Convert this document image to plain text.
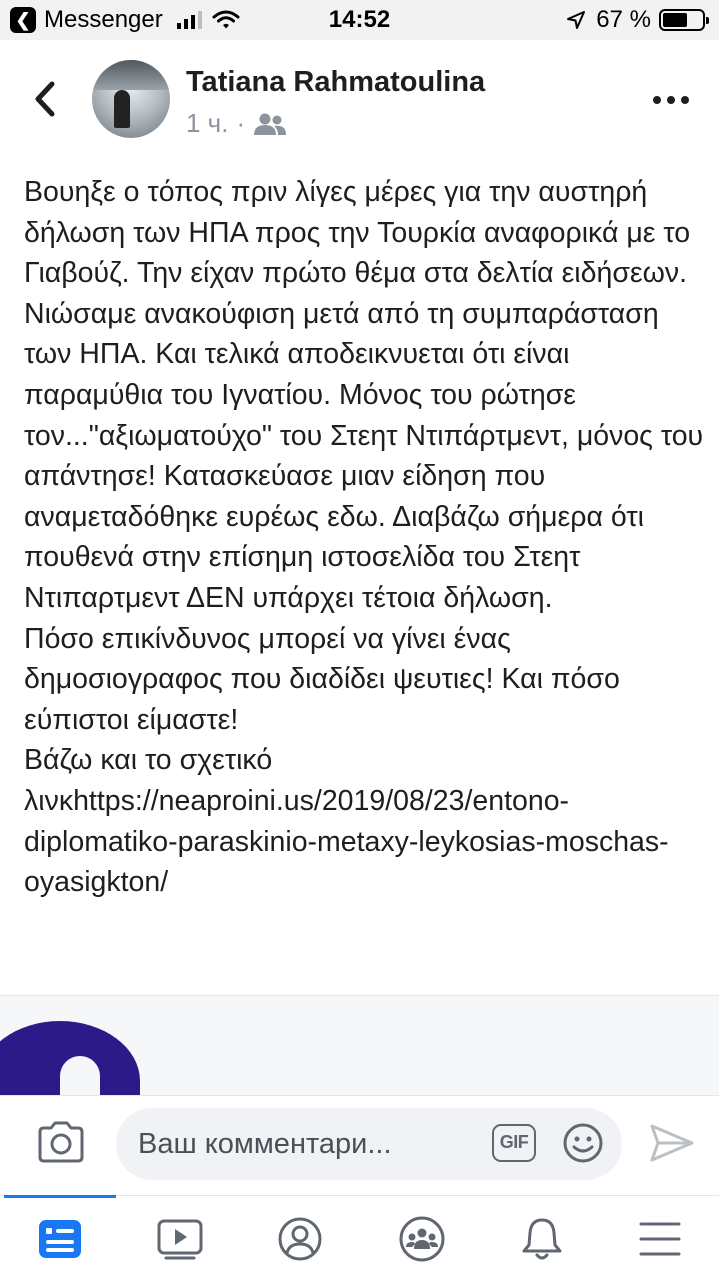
❮ Messenger	14:52	67 %
Tatiana Rahmatoulina
1 ч. ·

Βουηξε ο τόπος πριν λίγες μέρες για την αυστηρή δήλωση των ΗΠΑ προς την Τουρκία αναφορικά με το Γιαβούζ. Την είχαν πρώτο θέμα στα δελτία ειδήσεων. Νιώσαμε ανακούφιση μετά από τη συμπαράσταση των ΗΠΑ. Και τελικά αποδεικνυεται ότι είναι παραμύθια του Ιγνατίου. Μόνος του ρώτησε τον..."αξιωματούχο" του Στεητ Ντιπάρτμεντ, μόνος του απάντησε! Κατασκεύασε μιαν είδηση που αναμεταδόθηκε ευρέως εδω. Διαβάζω σήμερα ότι πουθενά στην επίσημη ιστοσελίδα του Στεητ Ντιπαρτμεντ ΔΕΝ υπάρχει τέτοια δήλωση.
Πόσο επικίνδυνος μπορεί να γίνει ένας δημοσιογραφος που διαδίδει ψευτιες! Και πόσο εύπιστοι είμαστε!
Βάζω και το σχετικό λινκhttps://neaproini.us/2019/08/23/entono-diplomatiko-paraskinio-metaxy-leykosias-moschas-oyasigkton/

Ваш комментари...
GIF
